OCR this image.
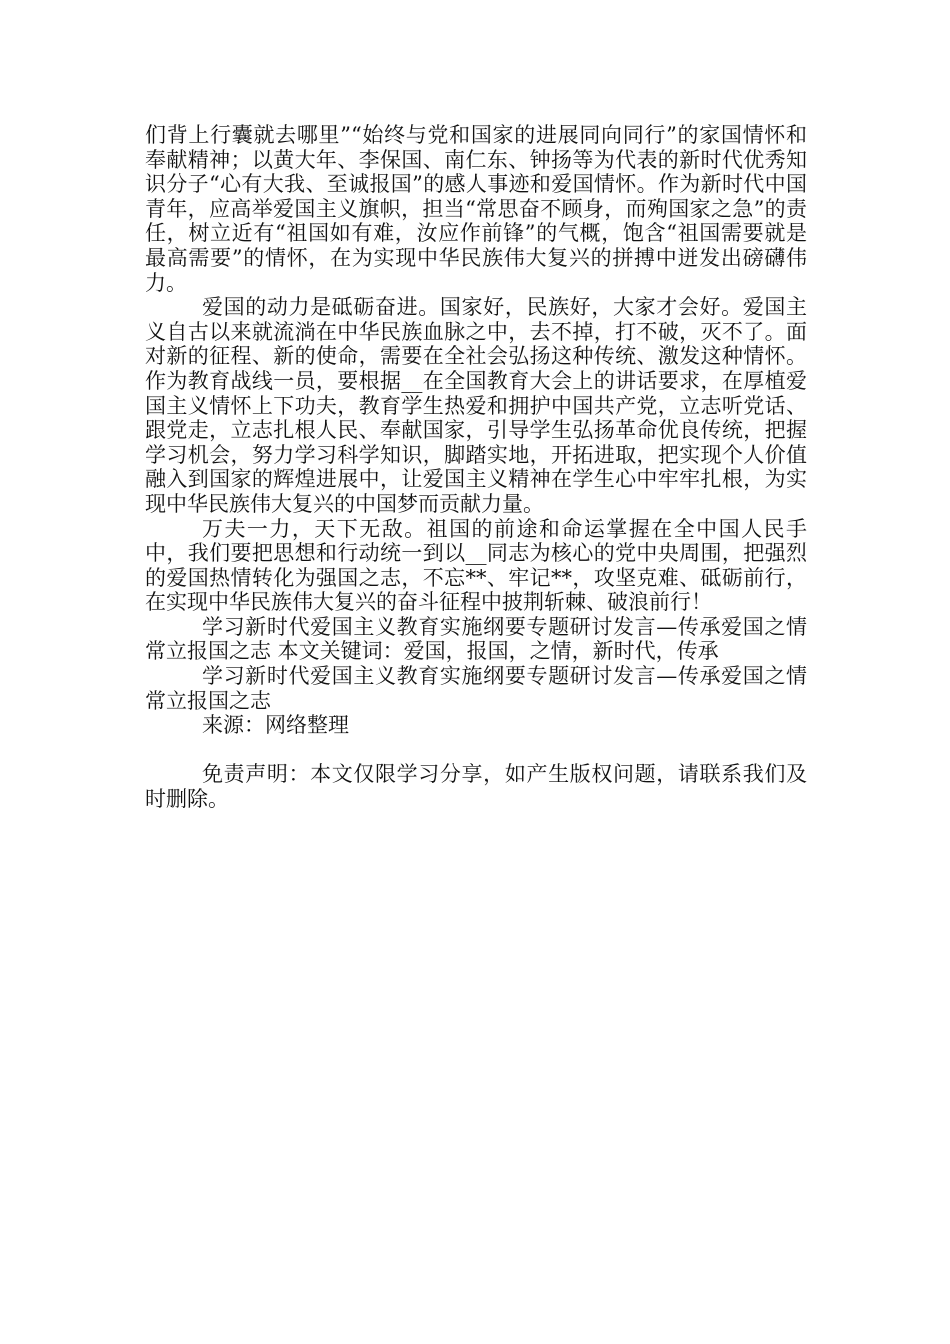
们背上行囊就去哪里”“始终与党和国家的进展同向同行”的家国情怀和奉献精神；以黄大年、李保国、南仁东、钟扬等为代表的新时代优秀知识分子“心有大我、至诚报国”的感人事迹和爱国情怀。作为新时代中国青年，应高举爱国主义旗帜，担当“常思奋不顾身，而殉国家之急”的责任，树立近有“祖国如有难，汝应作前锋”的气概，饱含“祖国需要就是最高需要”的情怀，在为实现中华民族伟大复兴的拼搏中迸发出磅礴伟力。

爱国的动力是砥砺奋进。国家好，民族好，大家才会好。爱国主义自古以来就流淌在中华民族血脉之中，去不掉，打不破，灭不了。面对新的征程、新的使命，需要在全社会弘扬这种传统、激发这种情怀。作为教育战线一员，要根据__在全国教育大会上的讲话要求，在厚植爱国主义情怀上下功夫，教育学生热爱和拥护中国共产党，立志听党话、跟党走，立志扎根人民、奉献国家，引导学生弘扬革命优良传统，把握学习机会，努力学习科学知识，脚踏实地，开拓进取，把实现个人价值融入到国家的辉煌进展中，让爱国主义精神在学生心中牢牢扎根，为实现中华民族伟大复兴的中国梦而贡献力量。

万夫一力，天下无敌。祖国的前途和命运掌握在全中国人民手中，我们要把思想和行动统一到以__同志为核心的党中央周围，把强烈的爱国热情转化为强国之志，不忘**、牢记**，攻坚克难、砥砺前行，在实现中华民族伟大复兴的奋斗征程中披荆斩棘、破浪前行！

学习新时代爱国主义教育实施纲要专题研讨发言—传承爱国之情常立报国之志 本文关键词：爱国，报国，之情，新时代，传承

学习新时代爱国主义教育实施纲要专题研讨发言—传承爱国之情常立报国之志

来源：网络整理

免责声明：本文仅限学习分享，如产生版权问题，请联系我们及时删除。
